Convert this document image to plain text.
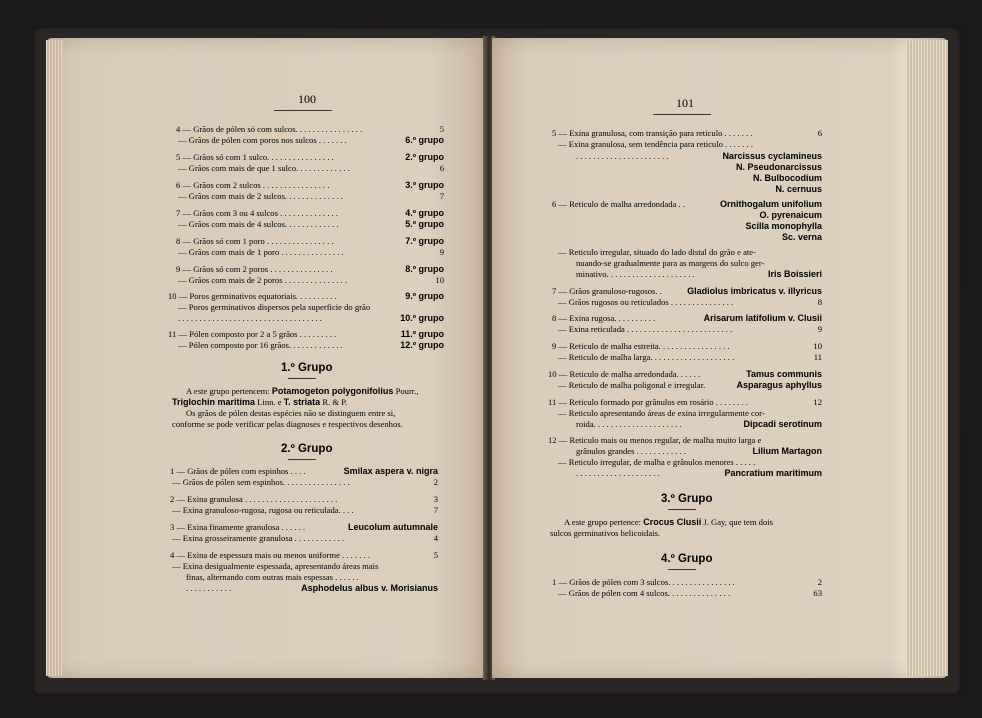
100
4 — Grãos de pólen só com sulcos. . . . . . . . . . . . . . . .	5
— Grãos de pólen com poros nos sulcos . . . . . . .	6.º grupo
5 — Grãos só com 1 sulco. . . . . . . . . . . . . . . .	2.º grupo
— Grãos com mais de que 1 sulco. . . . . . . . . . . . .	6
6 — Grãos com 2 sulcos . . . . . . . . . . . . . . . .	3.º grupo
— Grãos com mais de 2 sulcos. . . . . . . . . . . . . .	7
7 — Grãos com 3 ou 4 sulcos . . . . . . . . . . . . . .	4.º grupo
— Grãos com mais de 4 sulcos. . . . . . . . . . . . .	5.º grupo
8 — Grãos só com 1 poro . . . . . . . . . . . . . . . .	7.º grupo
— Grãos com mais de 1 poro . . . . . . . . . . . . . . .	9
9 — Grãos só com 2 poros . . . . . . . . . . . . . . .	8.º grupo
— Grãos com mais de 2 poros . . . . . . . . . . . . . . .	10
10 — Poros germinativos equatoriais. . . . . . . . . .	9.º grupo
— Poros germinativos dispersos pela superficie do grão
. . . . . . . . . . . . . . . . . . . . . . . . . . . . . . . . . .	10.º grupo
11 — Pólen composto por 2 a 5 grãos . . . . . . . . .	11.º grupo
— Pólen composto por 16 grãos. . . . . . . . . . . . .	12.º grupo
1.º Grupo
A este grupo pertencem: Potamogeton polygonifolius Pourr.,
Triglochin maritima Linn. e T. striata R. & P.
Os grãos de pólen destas espécies não se distinguem entre si,
conforme se pode verificar pelas diagnoses e respectivos desenhos.
2.º Grupo
1 — Grãos de pólen com espinhos . . . .	Smilax aspera v. nigra
— Grãos de pólen sem espinhos. . . . . . . . . . . . . . . .	2
2 — Exina granulosa . . . . . . . . . . . . . . . . . . . . . .	3
— Exina granuloso-rugosa, rugosa ou reticulada. . . .	7
3 — Exina finamente granulosa . . . . . .	Leucolum autumnale
— Exina grosseiramente granulosa . . . . . . . . . . . .	4
4 — Exina de espessura mais ou menos uniforme . . . . . . .	5
— Exina desigualmente espessada, apresentando áreas mais
finas, alternando com outras mais espessas . . . . . .
. . . . . . . . . . .	Asphodelus albus v. Morisianus
101
5 — Exina granulosa, com transição para reticulo . . . . . . .	6
— Exina granulosa, sem tendência para reticulo . . . . . . .
. . . . . . . . . . . . . . . . . . . . . .	Narcissus cyclamineus
N. Pseudonarcissus
N. Bulbocodium
N. cernuus
6 — Reticulo de malha arredondada . .	Ornithogalum unifolium
O. pyrenaicum
Scilla monophylla
Sc. verna
— Reticulo irregular, situado do lado distal do grão e ate-
nuando-se gradualmente para as margens do sulco ger-
minativo. . . . . . . . . . . . . . . . . . . . .	Iris Boissieri
7 — Grãos granuloso-rugosos. .	Gladiolus imbricatus v. illyricus
— Grãos rugosos ou reticulados . . . . . . . . . . . . . . .	8
8 — Exina rugosa. . . . . . . . . .	Arisarum latifolium v. Clusii
— Exina reticulada . . . . . . . . . . . . . . . . . . . . . . . . .	9
9 — Reticulo de malha estreita. . . . . . . . . . . . . . . . .	10
— Reticulo de malha larga. . . . . . . . . . . . . . . . . . . .	11
10 — Reticulo de malha arredondada. . . . . .	Tamus communis
— Reticulo de malha poligonal e irregular.	Asparagus aphyllus
11 — Reticulo formado por grânulos em rosário . . . . . . . .	12
— Reticulo apresentando áreas de exina irregularmente cor-
roida. . . . . . . . . . . . . . . . . . . . .	Dipcadi serotinum
12 — Reticulo mais ou menos regular, de malha muito larga e
grânulos grandes . . . . . . . . . . . .	Lilium Martagon
— Reticulo irregular, de malha e grânulos menores . . . . .
. . . . . . . . . . . . . . . . . . . .	Pancratium maritimum
3.º Grupo
A este grupo pertence: Crocus Clusii J. Gay, que tem dois
sulcos germinativos helicoidais.
4.º Grupo
1 — Grãos de pólen com 3 sulcos. . . . . . . . . . . . . . . .	2
— Grãos de pólen com 4 sulcos. . . . . . . . . . . . . . .	63
